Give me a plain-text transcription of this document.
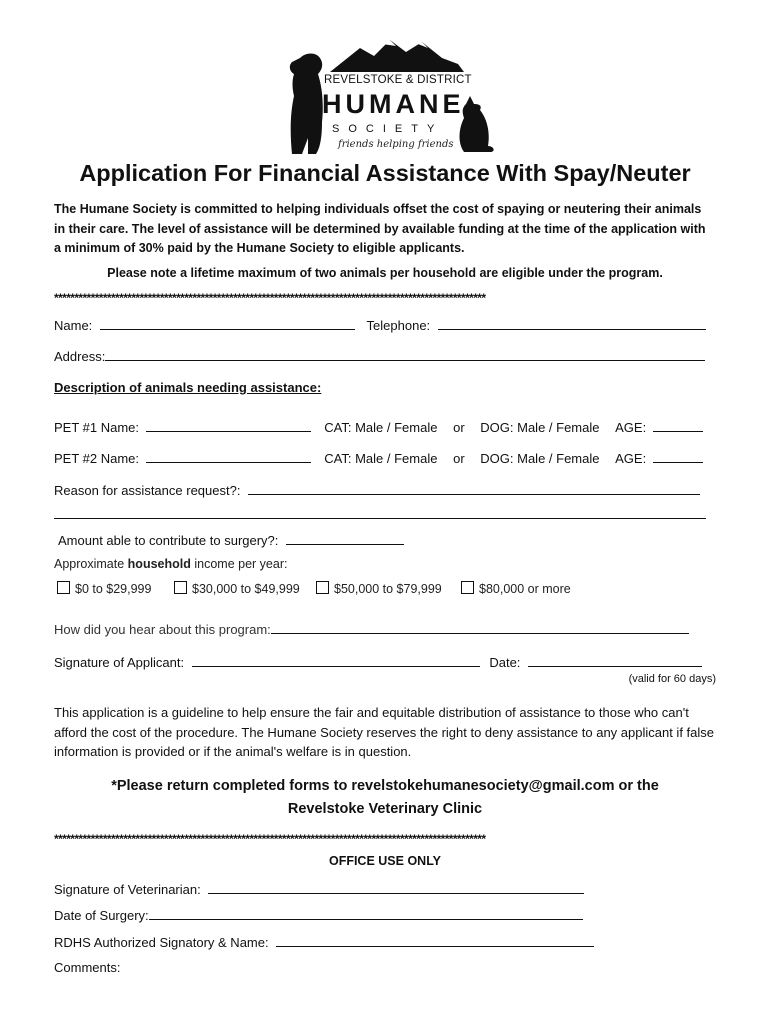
REVELSTOKE & DISTRICT
HUMANE
SOCIETY
friends helping friends
Application For Financial Assistance With Spay/Neuter
The Humane Society is committed to helping individuals offset the cost of spaying or neutering their animals in their care. The level of assistance will be determined by available funding at the time of the application with a minimum of 30% paid by the Humane Society to eligible applicants.
Please note a lifetime maximum of two animals per household are eligible under the program.
**********************************************************************************************************
Name:	Telephone:
Address:
Description of animals needing assistance:
PET #1 Name:	CAT: Male / Female or DOG: Male / Female AGE:
PET #2 Name:	CAT: Male / Female or DOG: Male / Female AGE:
Reason for assistance request?:
Amount able to contribute to surgery?:
Approximate household income per year:
$0 to $29,999	$30,000 to $49,999	$50,000 to $79,999	$80,000 or more
How did you hear about this program:
Signature of Applicant:	Date:
(valid for 60 days)
This application is a guideline to help ensure the fair and equitable distribution of assistance to those who can't afford the cost of the procedure. The Humane Society reserves the right to deny assistance to any applicant if false information is provided or if the animal's welfare is in question.
*Please return completed forms to revelstokehumanesociety@gmail.com or the
Revelstoke Veterinary Clinic
**********************************************************************************************************
OFFICE USE ONLY
Signature of Veterinarian:
Date of Surgery:
RDHS Authorized Signatory & Name:
Comments:
